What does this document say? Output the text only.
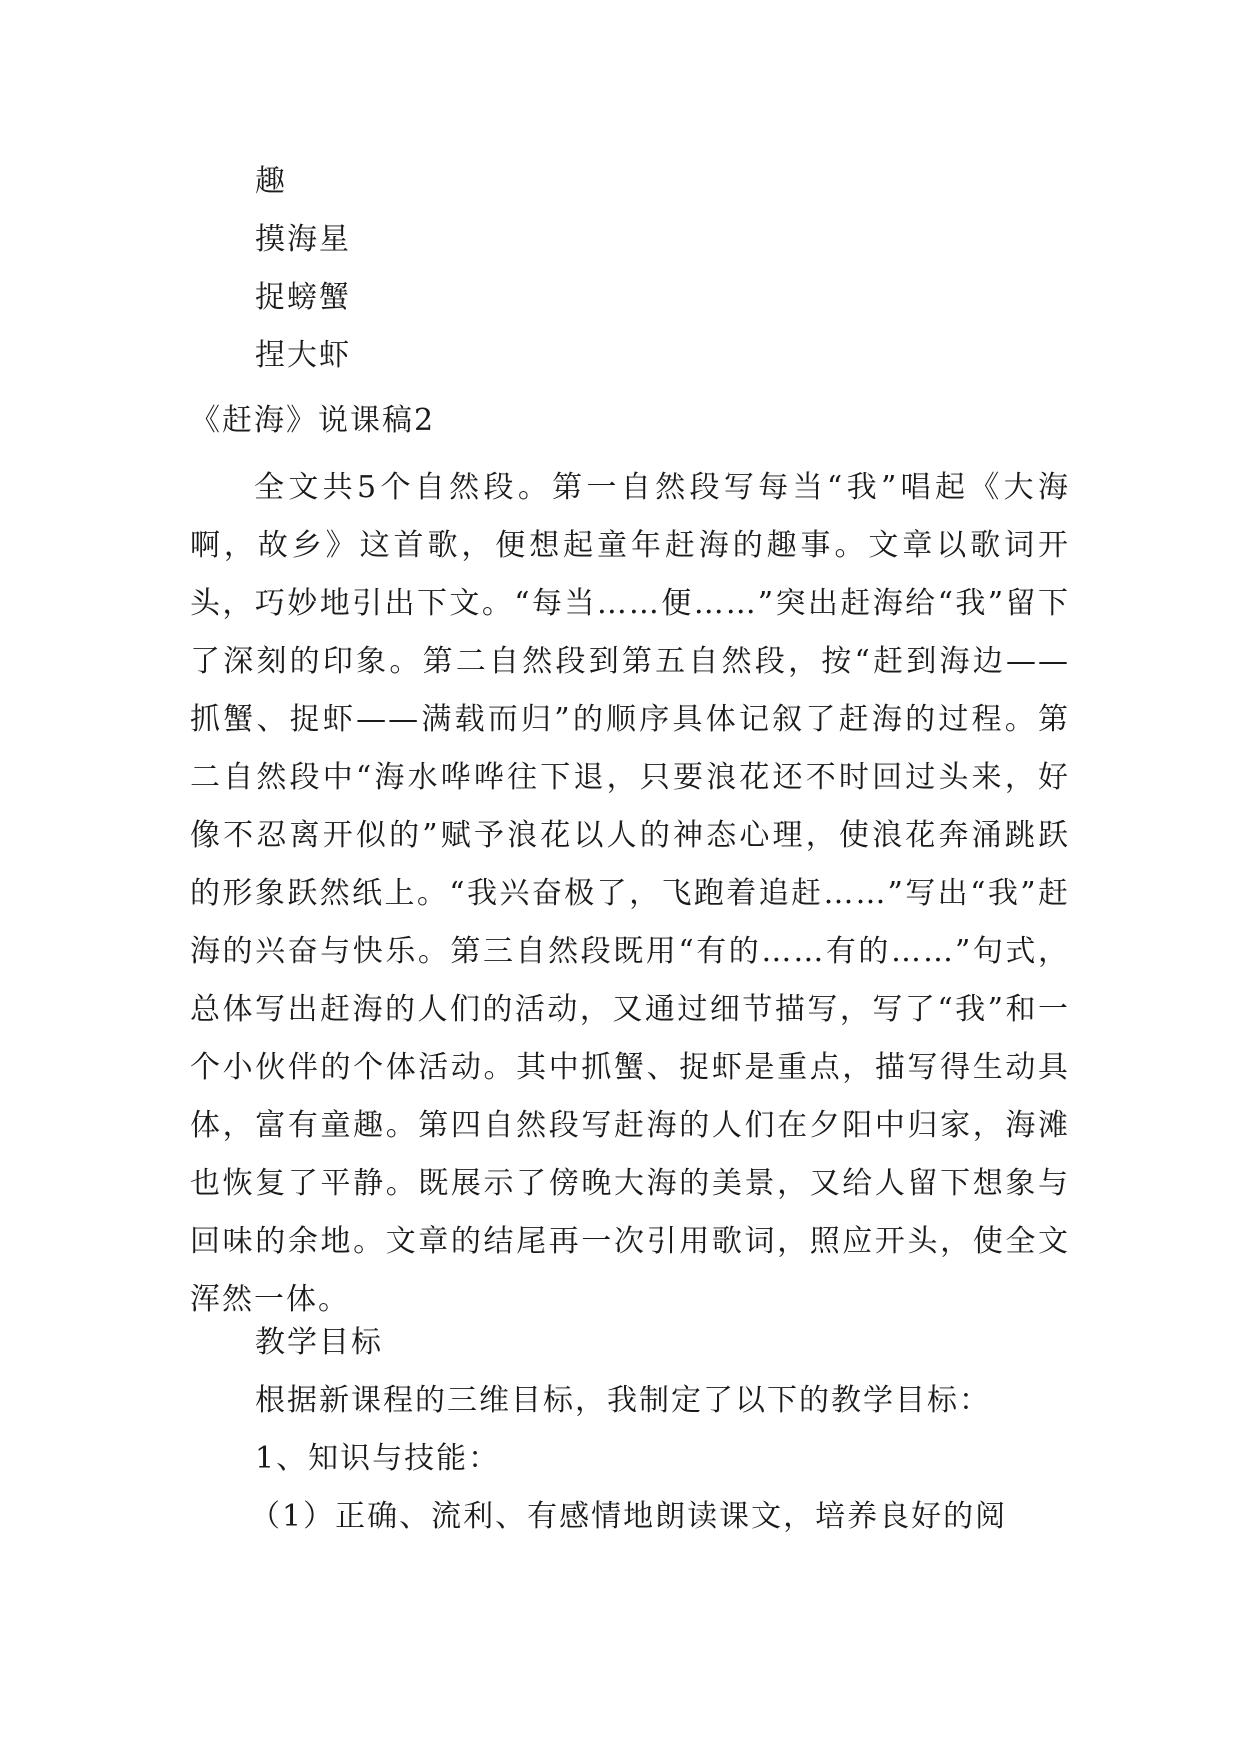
趣
摸海星
捉螃蟹
捏大虾
《赶海》说课稿2
全文共5个自然段。第一自然段写每当“我”唱起《大海啊，故乡》这首歌，便想起童年赶海的趣事。文章以歌词开头，巧妙地引出下文。“每当……便……”突出赶海给“我”留下了深刻的印象。第二自然段到第五自然段，按“赶到海边——抓蟹、捉虾——满载而归”的顺序具体记叙了赶海的过程。第二自然段中“海水哗哗往下退，只要浪花还不时回过头来，好像不忍离开似的”赋予浪花以人的神态心理，使浪花奔涌跳跃的形象跃然纸上。“我兴奋极了，飞跑着追赶……”写出“我”赶海的兴奋与快乐。第三自然段既用“有的……有的……”句式，总体写出赶海的人们的活动，又通过细节描写，写了“我”和一个小伙伴的个体活动。其中抓蟹、捉虾是重点，描写得生动具体，富有童趣。第四自然段写赶海的人们在夕阳中归家，海滩也恢复了平静。既展示了傍晚大海的美景，又给人留下想象与回味的余地。文章的结尾再一次引用歌词，照应开头，使全文浑然一体。
教学目标
根据新课程的三维目标，我制定了以下的教学目标：
1、知识与技能：
（1）正确、流利、有感情地朗读课文，培养良好的阅
